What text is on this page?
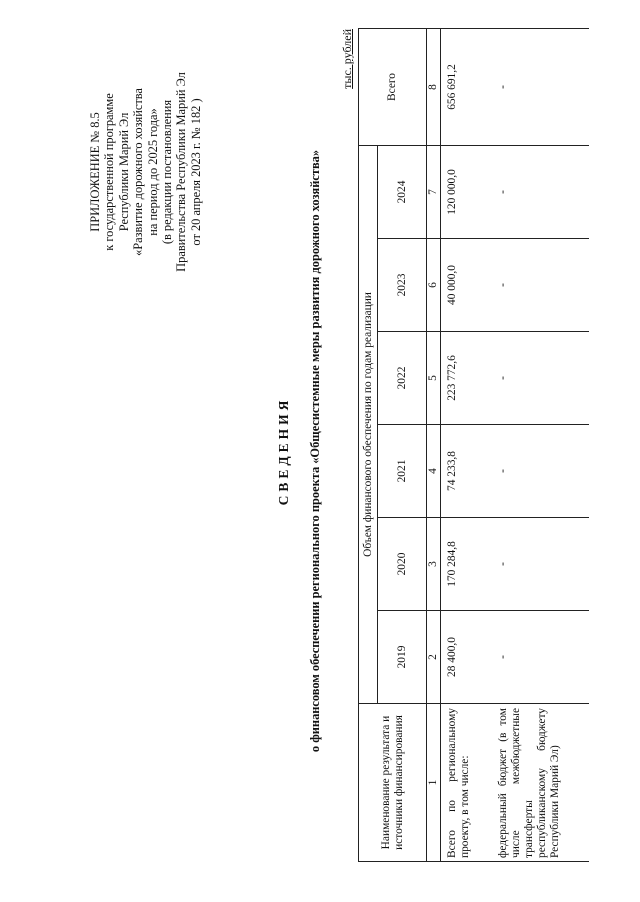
ПРИЛОЖЕНИЕ № 8.5 к государственной программе Республики Марий Эл «Развитие дорожного хозяйства на период до 2025 года» (в редакции постановления Правительства Республики Марий Эл от 20 апреля 2023 г. № 182 )
СВЕДЕНИЯ о финансовом обеспечении регионального проекта «Общесистемные меры развития дорожного хозяйства»
тыс. рублей
Наименование результата и источники финансирования	Объем финансового обеспечения по годам реализации						Всего
	2019	2020	2021	2022	2023	2024	
1	2	3	4	5	6	7	8

Всего по региональному проекту, в том числе:	28 400,0	170 284,8	74 233,8	223 772,6	40 000,0	120 000,0	656 691,2

федеральный бюджет (в том числе межбюджетные трансферты республиканскому бюджету Республики Марий Эл)	-	-	-	-	-	-	-
